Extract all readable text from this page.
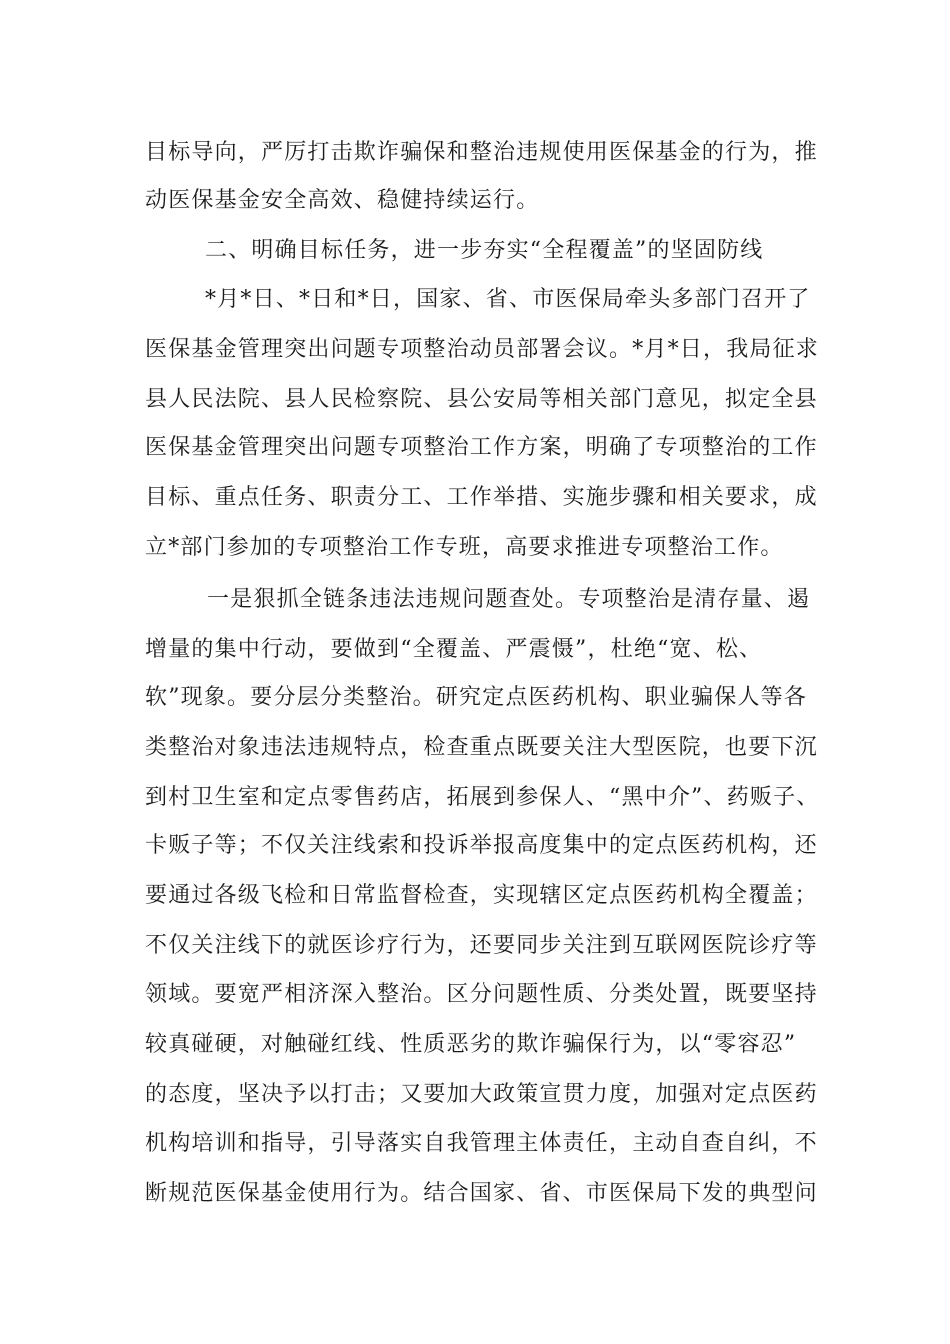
目标导向，严厉打击欺诈骗保和整治违规使用医保基金的行为，推
动医保基金安全高效、稳健持续运行。
二、明确目标任务，进一步夯实“全程覆盖”的坚固防线
*月*日、*日和*日，国家、省、市医保局牵头多部门召开了
医保基金管理突出问题专项整治动员部署会议。*月*日，我局征求
县人民法院、县人民检察院、县公安局等相关部门意见，拟定全县
医保基金管理突出问题专项整治工作方案，明确了专项整治的工作
目标、重点任务、职责分工、工作举措、实施步骤和相关要求，成
立*部门参加的专项整治工作专班，高要求推进专项整治工作。
一是狠抓全链条违法违规问题查处。专项整治是清存量、遏
增量的集中行动，要做到“全覆盖、严震慑”，杜绝“宽、松、
软”现象。要分层分类整治。研究定点医药机构、职业骗保人等各
类整治对象违法违规特点，检查重点既要关注大型医院，也要下沉
到村卫生室和定点零售药店，拓展到参保人、“黑中介”、药贩子、
卡贩子等；不仅关注线索和投诉举报高度集中的定点医药机构，还
要通过各级飞检和日常监督检查，实现辖区定点医药机构全覆盖；
不仅关注线下的就医诊疗行为，还要同步关注到互联网医院诊疗等
领域。要宽严相济深入整治。区分问题性质、分类处置，既要坚持
较真碰硬，对触碰红线、性质恶劣的欺诈骗保行为，以“零容忍”
的态度，坚决予以打击；又要加大政策宣贯力度，加强对定点医药
机构培训和指导，引导落实自我管理主体责任，主动自查自纠，不
断规范医保基金使用行为。结合国家、省、市医保局下发的典型问
